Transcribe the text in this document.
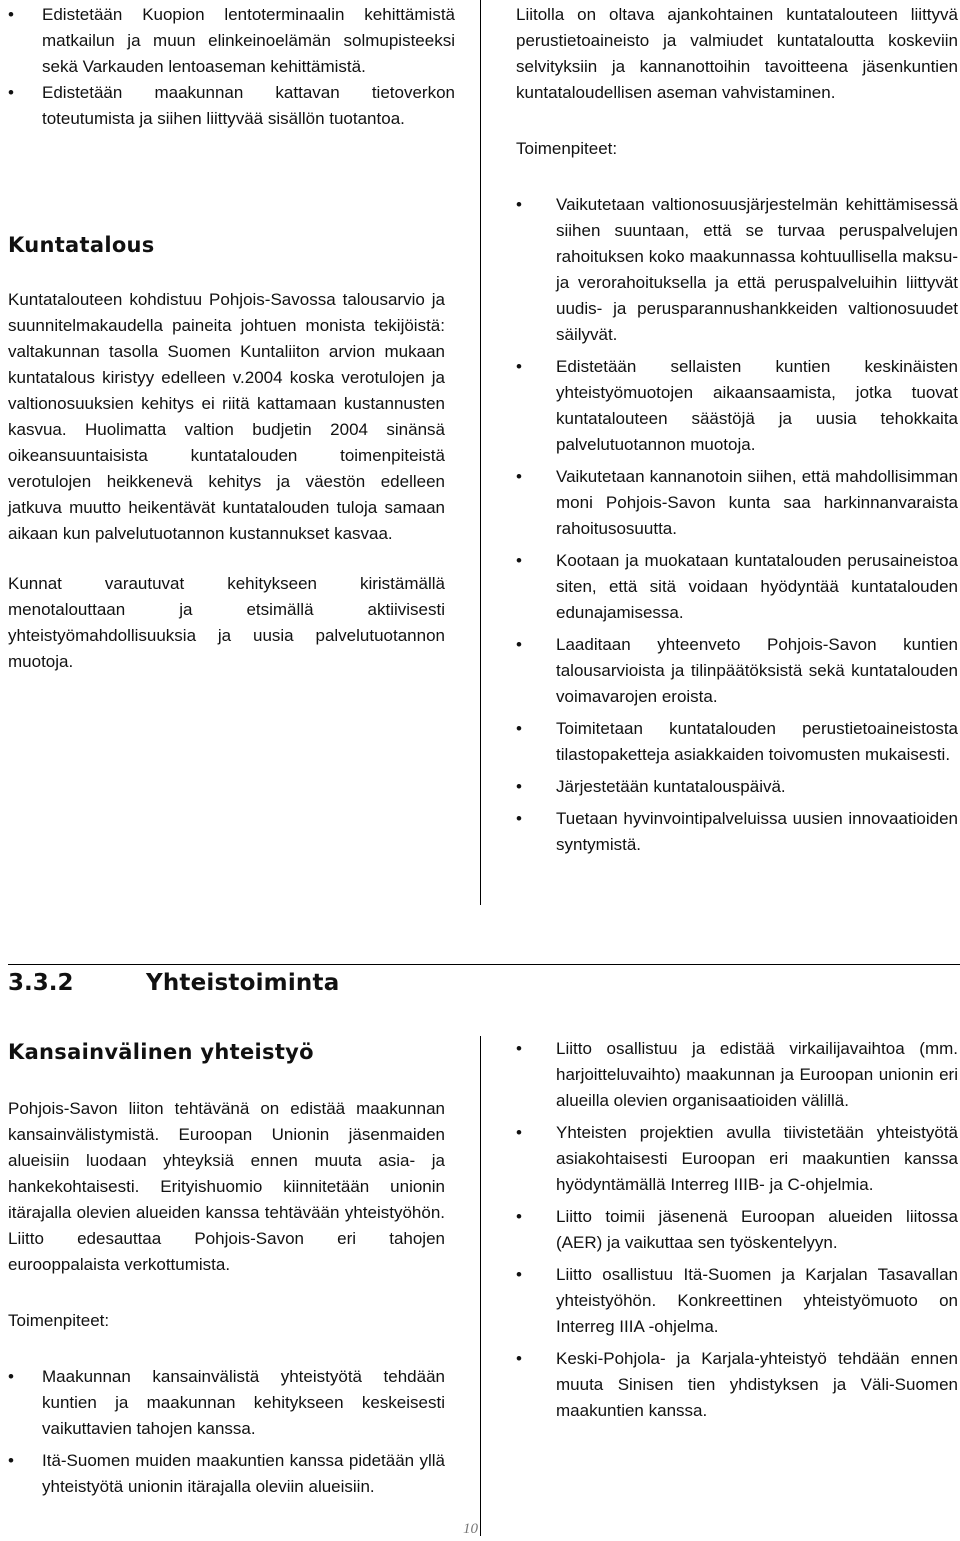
• Edistetään Kuopion lentoterminaalin kehittämistä matkailun ja muun elinkeinoelämän solmupisteeksi sekä Varkauden lentoaseman kehittämistä.
• Edistetään maakunnan kattavan tietoverkon toteutumista ja siihen liittyvää sisällön tuotantoa.
Kuntatalous

Kuntatalouteen kohdistuu Pohjois-Savossa talousarvio ja suunnitelmakaudella paineita johtuen monista tekijöistä: valtakunnan tasolla Suomen Kuntaliiton arvion mukaan kuntatalous kiristyy edelleen v.2004 koska verotulojen ja valtionosuuksien kehitys ei riitä kattamaan kustannusten kasvua. Huolimatta valtion budjetin 2004 sinänsä oikeansuuntaisista kuntatalouden toimenpiteistä verotulojen heikkenevä kehitys ja väestön edelleen jatkuva muutto heikentävät kuntatalouden tuloja samaan aikaan kun palvelutuotannon kustannukset kasvaa.

Kunnat varautuvat kehitykseen kiristämällä menotalouttaan ja etsimällä aktiivisesti yhteistyömahdollisuuksia ja uusia palvelutuotannon muotoja.

Liitolla on oltava ajankohtainen kuntatalouteen liittyvä perustietoaineisto ja valmiudet kuntataloutta koskeviin selvityksiin ja kannanottoihin tavoitteena jäsenkuntien kuntataloudellisen aseman vahvistaminen.

Toimenpiteet:

• Vaikutetaan valtionosuusjärjestelmän kehittämisessä siihen suuntaan, että se turvaa peruspalvelujen rahoituksen koko maakunnassa kohtuullisella maksu- ja verorahoituksella ja että peruspalveluihin liittyvät uudis- ja perusparannushankkeiden valtionosuudet säilyvät.
• Edistetään sellaisten kuntien keskinäisten yhteistyömuotojen aikaansaamista, jotka tuovat kuntatalouteen säästöjä ja uusia tehokkaita palvelutuotannon muotoja.
• Vaikutetaan kannanotoin siihen, että mahdollisimman moni Pohjois-Savon kunta saa harkinnanvaraista rahoitusosuutta.
• Kootaan ja muokataan kuntatalouden perusaineistoa siten, että sitä voidaan hyödyntää kuntatalouden edunajamisessa.
• Laaditaan yhteenveto Pohjois-Savon kuntien talousarvioista ja tilinpäätöksistä sekä kuntatalouden voimavarojen eroista.
• Toimitetaan kuntatalouden perustietoaineistosta tilastopaketteja asiakkaiden toivomusten mukaisesti.
• Järjestetään kuntatalouspäivä.
• Tuetaan hyvinvointipalveluissa uusien innovaatioiden syntymistä.
3.3.2	Yhteistoiminta
Kansainvälinen yhteistyö

Pohjois-Savon liiton tehtävänä on edistää maakunnan kansainvälistymistä. Euroopan Unionin jäsenmaiden alueisiin luodaan yhteyksiä ennen muuta asia- ja hankekohtaisesti. Erityishuomio kiinnitetään unionin itärajalla olevien alueiden kanssa tehtävään yhteistyöhön. Liitto edesauttaa Pohjois-Savon eri tahojen eurooppalaista verkottumista.

Toimenpiteet:

• Maakunnan kansainvälistä yhteistyötä tehdään kuntien ja maakunnan kehitykseen keskeisesti vaikuttavien tahojen kanssa.
• Itä-Suomen muiden maakuntien kanssa pidetään yllä yhteistyötä unionin itärajalla oleviin alueisiin.
• Liitto osallistuu ja edistää virkailijavaihtoa (mm. harjoitteluvaihto) maakunnan ja Euroopan unionin eri alueilla olevien organisaatioiden välillä.
• Yhteisten projektien avulla tiivistetään yhteistyötä asiakohtaisesti Euroopan eri maakuntien kanssa hyödyntämällä Interreg IIIB- ja C-ohjelmia.
• Liitto toimii jäsenenä Euroopan alueiden liitossa (AER) ja vaikuttaa sen työskentelyyn.
• Liitto osallistuu Itä-Suomen ja Karjalan Tasavallan yhteistyöhön. Konkreettinen yhteistyömuoto on Interreg IIIA -ohjelma.
• Keski-Pohjola- ja Karjala-yhteistyö tehdään ennen muuta Sinisen tien yhdistyksen ja Väli-Suomen maakuntien kanssa.
10
